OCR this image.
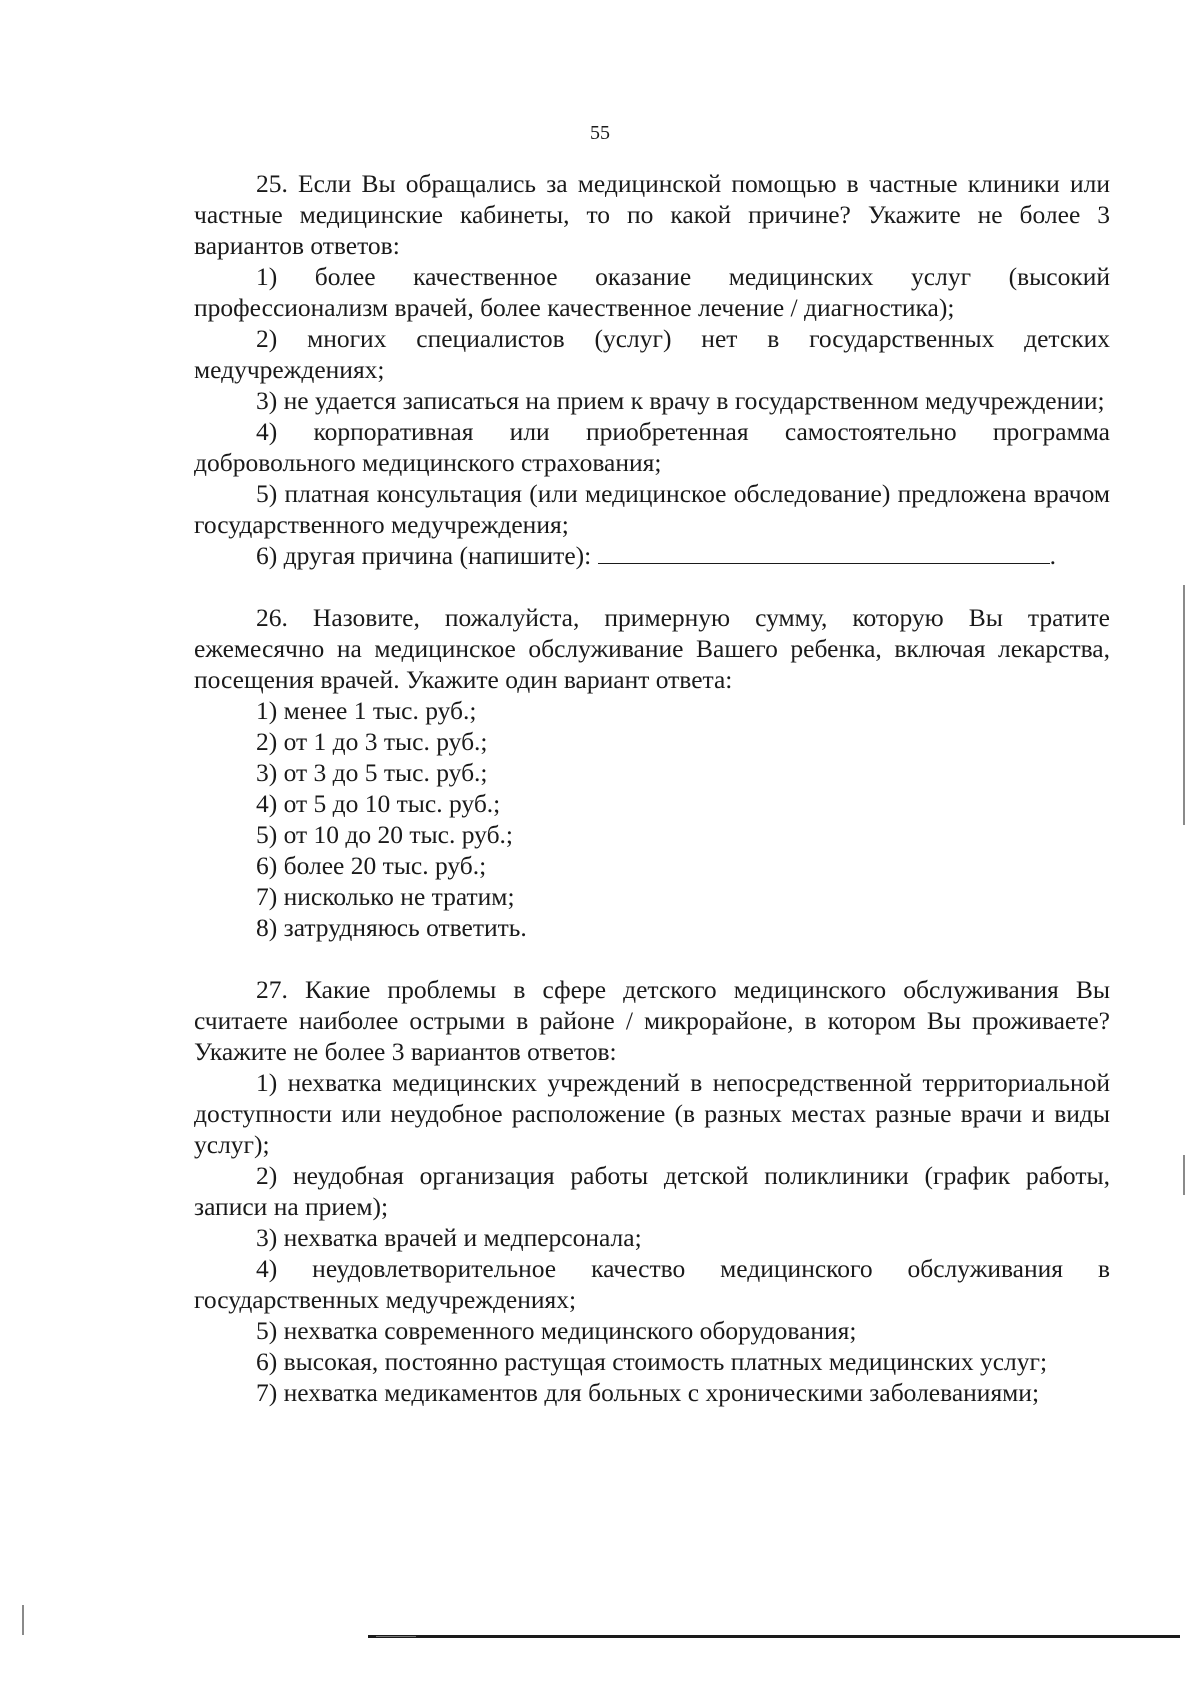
55

25. Если Вы обращались за медицинской помощью в частные клиники или частные медицинские кабинеты, то по какой причине? Укажите не более 3 вариантов ответов:

1) более качественное оказание медицинских услуг (высокий профессионализм врачей, более качественное лечение / диагностика);

2) многих специалистов (услуг) нет в государственных детских медучреждениях;

3) не удается записаться на прием к врачу в государственном медучреждении;

4) корпоративная или приобретенная самостоятельно программа добровольного медицинского страхования;

5) платная консультация (или медицинское обследование) предложена врачом государственного медучреждения;

6) другая причина (напишите):	.

26. Назовите, пожалуйста, примерную сумму, которую Вы тратите ежемесячно на медицинское обслуживание Вашего ребенка, включая лекарства, посещения врачей. Укажите один вариант ответа:

1) менее 1 тыс. руб.;

2) от 1 до 3 тыс. руб.;

3) от 3 до 5 тыс. руб.;

4) от 5 до 10 тыс. руб.;

5) от 10 до 20 тыс. руб.;

6) более 20 тыс. руб.;

7) нисколько не тратим;

8) затрудняюсь ответить.

27. Какие проблемы в сфере детского медицинского обслуживания Вы считаете наиболее острыми в районе / микрорайоне, в котором Вы проживаете? Укажите не более 3 вариантов ответов:

1) нехватка медицинских учреждений в непосредственной территориальной доступности или неудобное расположение (в разных местах разные врачи и виды услуг);

2) неудобная организация работы детской поликлиники (график работы, записи на прием);

3) нехватка врачей и медперсонала;

4) неудовлетворительное качество медицинского обслуживания в государственных медучреждениях;

5) нехватка современного медицинского оборудования;

6) высокая, постоянно растущая стоимость платных медицинских услуг;

7) нехватка медикаментов для больных с хроническими заболеваниями;
